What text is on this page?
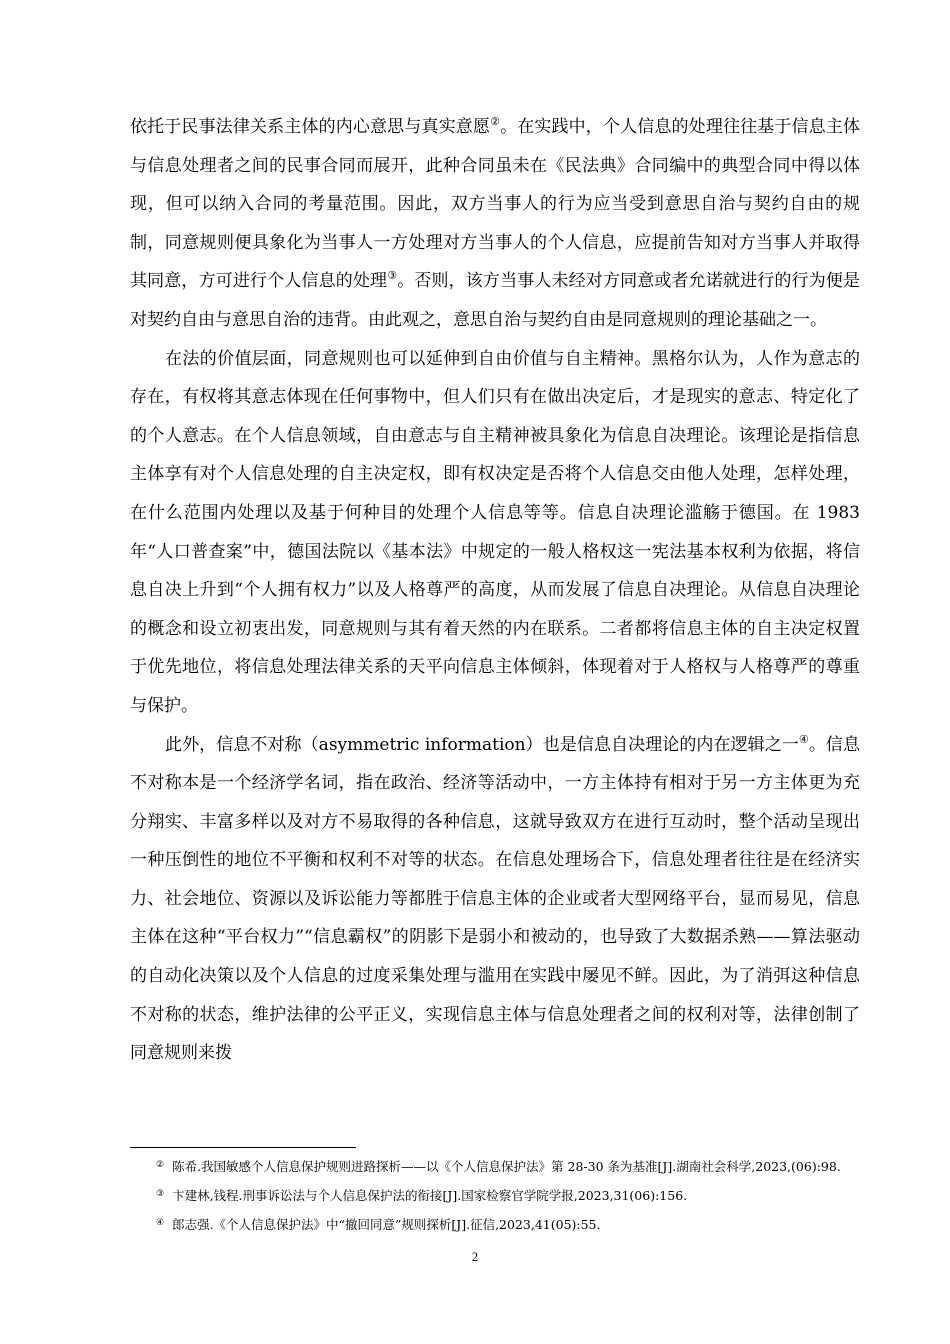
依托于民事法律关系主体的内心意思与真实意愿②。在实践中，个人信息的处理往往基于信息主体与信息处理者之间的民事合同而展开，此种合同虽未在《民法典》合同编中的典型合同中得以体现，但可以纳入合同的考量范围。因此，双方当事人的行为应当受到意思自治与契约自由的规制，同意规则便具象化为当事人一方处理对方当事人的个人信息，应提前告知对方当事人并取得其同意，方可进行个人信息的处理③。否则，该方当事人未经对方同意或者允诺就进行的行为便是对契约自由与意思自治的违背。由此观之，意思自治与契约自由是同意规则的理论基础之一。

在法的价值层面，同意规则也可以延伸到自由价值与自主精神。黑格尔认为，人作为意志的存在，有权将其意志体现在任何事物中，但人们只有在做出决定后，才是现实的意志、特定化了的个人意志。在个人信息领域，自由意志与自主精神被具象化为信息自决理论。该理论是指信息主体享有对个人信息处理的自主决定权，即有权决定是否将个人信息交由他人处理，怎样处理，在什么范围内处理以及基于何种目的处理个人信息等等。信息自决理论滥觞于德国。在 1983 年“人口普查案”中，德国法院以《基本法》中规定的一般人格权这一宪法基本权利为依据，将信息自决上升到“个人拥有权力”以及人格尊严的高度，从而发展了信息自决理论。从信息自决理论的概念和设立初衷出发，同意规则与其有着天然的内在联系。二者都将信息主体的自主决定权置于优先地位，将信息处理法律关系的天平向信息主体倾斜，体现着对于人格权与人格尊严的尊重与保护。

此外，信息不对称（asymmetric information）也是信息自决理论的内在逻辑之一④。信息不对称本是一个经济学名词，指在政治、经济等活动中，一方主体持有相对于另一方主体更为充分翔实、丰富多样以及对方不易取得的各种信息，这就导致双方在进行互动时，整个活动呈现出一种压倒性的地位不平衡和权利不对等的状态。在信息处理场合下，信息处理者往往是在经济实力、社会地位、资源以及诉讼能力等都胜于信息主体的企业或者大型网络平台，显而易见，信息主体在这种“平台权力”“信息霸权”的阴影下是弱小和被动的，也导致了大数据杀熟——算法驱动的自动化决策以及个人信息的过度采集处理与滥用在实践中屡见不鲜。因此，为了消弭这种信息不对称的状态，维护法律的公平正义，实现信息主体与信息处理者之间的权利对等，法律创制了同意规则来拨

② 陈希.我国敏感个人信息保护规则进路探析——以《个人信息保护法》第 28-30 条为基准[J].湖南社会科学,2023,(06):98.

③ 卞建林,钱程.刑事诉讼法与个人信息保护法的衔接[J].国家检察官学院学报,2023,31(06):156.

④ 郎志强.《个人信息保护法》中“撤回同意”规则探析[J].征信,2023,41(05):55.

2
